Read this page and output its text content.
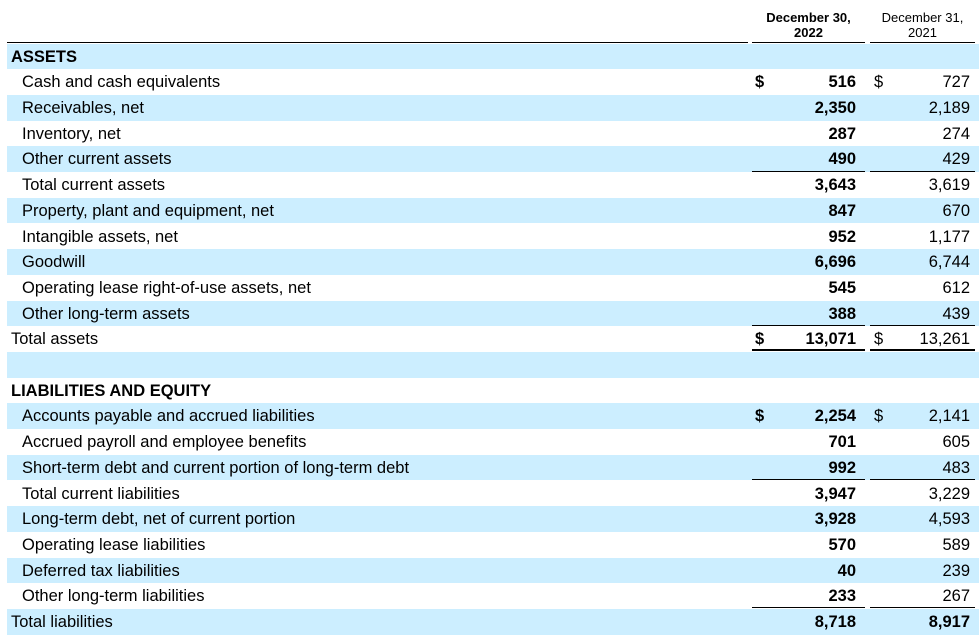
December 30,
2022
December 31,
2021
ASSETS
Cash and cash equivalents	$	516 $	727
Receivables, net	2,350	2,189
Inventory, net	287	274
Other current assets	490	429
Total current assets	3,643	3,619
Property, plant and equipment, net	847	670
Intangible assets, net	952	1,177
Goodwill	6,696	6,744
Operating lease right-of-use assets, net	545	612
Other long-term assets	388	439
Total assets	$	13,071 $ 13,261
LIABILITIES AND EQUITY
Accounts payable and accrued liabilities	$	2,254 $	2,141
Accrued payroll and employee benefits	701	605
Short-term debt and current portion of long-term debt	992	483
Total current liabilities	3,947	3,229
Long-term debt, net of current portion	3,928	4,593
Operating lease liabilities	570	589
Deferred tax liabilities	40	239
Other long-term liabilities	233	267
Total liabilities	8,718	8,917
